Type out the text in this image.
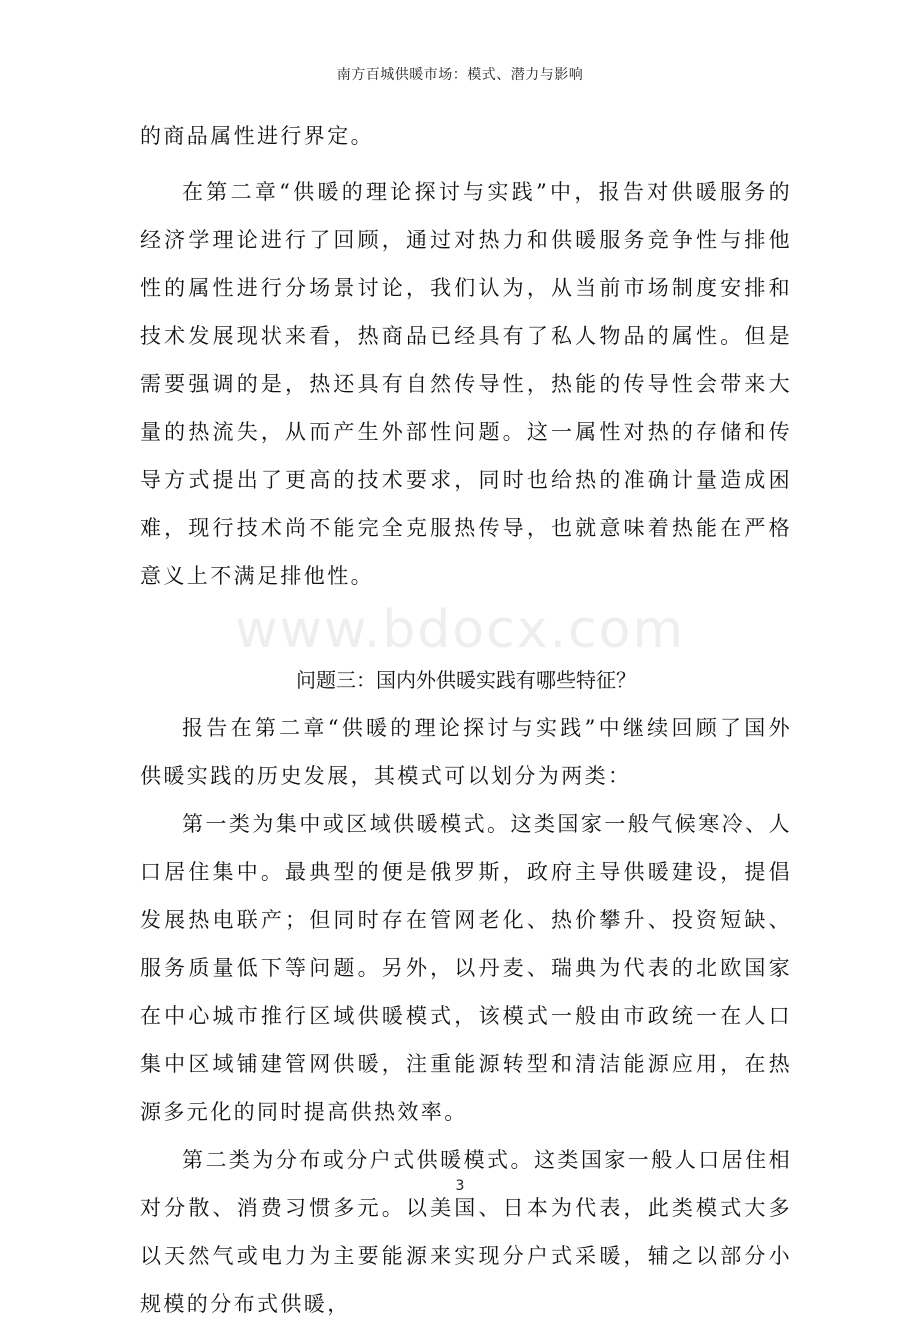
南方百城供暖市场：模式、潜力与影响
www.bdocx.com

的商品属性进行界定。

在第二章“供暖的理论探讨与实践”中，报告对供暖服务的经济学理论进行了回顾，通过对热力和供暖服务竞争性与排他性的属性进行分场景讨论，我们认为，从当前市场制度安排和技术发展现状来看，热商品已经具有了私人物品的属性。但是需要强调的是，热还具有自然传导性，热能的传导性会带来大量的热流失，从而产生外部性问题。这一属性对热的存储和传导方式提出了更高的技术要求，同时也给热的准确计量造成困难，现行技术尚不能完全克服热传导，也就意味着热能在严格意义上不满足排他性。

问题三：国内外供暖实践有哪些特征？

报告在第二章“供暖的理论探讨与实践”中继续回顾了国外供暖实践的历史发展，其模式可以划分为两类：

第一类为集中或区域供暖模式。这类国家一般气候寒冷、人口居住集中。最典型的便是俄罗斯，政府主导供暖建设，提倡发展热电联产；但同时存在管网老化、热价攀升、投资短缺、服务质量低下等问题。另外，以丹麦、瑞典为代表的北欧国家在中心城市推行区域供暖模式，该模式一般由市政统一在人口集中区域铺建管网供暖，注重能源转型和清洁能源应用，在热源多元化的同时提高供热效率。

第二类为分布或分户式供暖模式。这类国家一般人口居住相对分散、消费习惯多元。以美国、日本为代表，此类模式大多以天然气或电力为主要能源来实现分户式采暖，辅之以部分小规模的分布式供暖，

3
